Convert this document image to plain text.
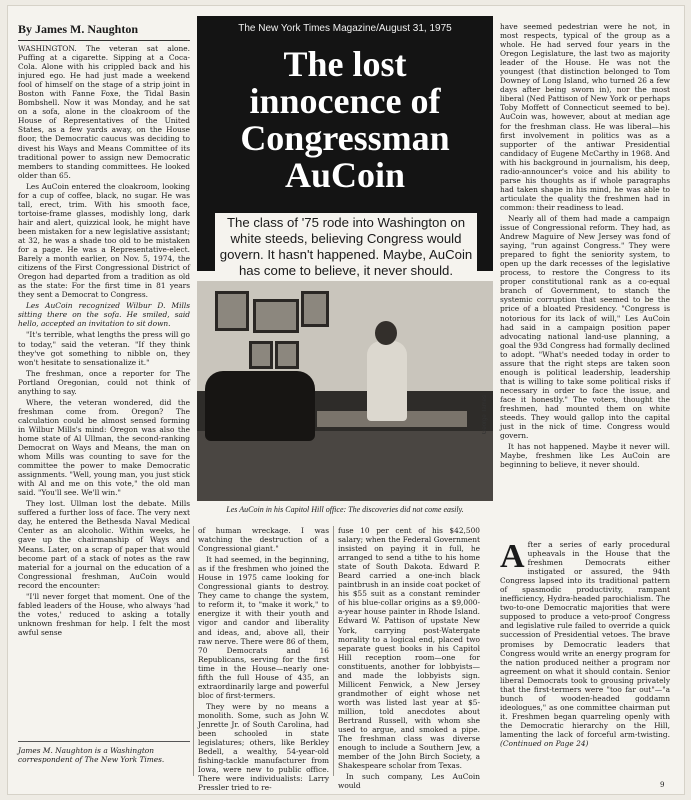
By James M. Naughton

WASHINGTON. The veteran sat alone. Puffing at a cigarette. Sipping at a Coca-Cola. Alone with his crippled back and his injured ego. He had just made a weekend fool of himself on the stage of a strip joint in Boston with Fanne Foxe, the Tidal Basin Bombshell. Now it was Monday, and he sat on a sofa, alone in the cloakroom of the House of Representatives of the United States, as a few yards away, on the House floor, the Democratic caucus was deciding to divest his Ways and Means Committee of its traditional power to assign new Democratic members to standing committees. He looked older than 65.

Les AuCoin entered the cloakroom, looking for a cup of coffee, black, no sugar. He was tall, erect, trim. With his smooth face, tortoise-frame glasses, modishly long, dark hair and alert, quizzical look, he might have been mistaken for a new legislative assistant; at 32, he was a shade too old to be mistaken for a page. He was a Representative-elect. Barely a month earlier, on Nov. 5, 1974, the citizens of the First Congressional District of Oregon had departed from a tradition as old as the state: For the first time in 81 years they sent a Democrat to Congress.

Les AuCoin recognized Wilbur D. Mills sitting there on the sofa. He smiled, said hello, accepted an invitation to sit down.

"It's terrible, what lengths the press will go to today," said the veteran. "If they think they've got something to nibble on, they won't hesitate to sensationalize it."

The freshman, once a reporter for The Portland Oregonian, could not think of anything to say.

Where, the veteran wondered, did the freshman come from. Oregon? The calculation could be almost sensed forming in Wilbur Mills's mind: Oregon was also the home state of Al Ullman, the second-ranking Democrat on Ways and Means, the man on whom Mills was counting to save for the committee the power to make Democratic assignments. "Well, young man, you just stick with Al and me on this vote," the old man said. "You'll see. We'll win."

They lost. Ullman lost the debate. Mills suffered a further loss of face. The very next day, he entered the Bethesda Naval Medical Center as an alcoholic. Within weeks, he gave up the chairmanship of Ways and Means. Later, on a scrap of paper that would become part of a stack of notes as the raw material for a journal on the education of a Congressional freshman, AuCoin would record the encounter:

"I'll never forget that moment. One of the fabled leaders of the House, who always 'had the votes,' reduced to asking a totally unknown freshman for help. I felt the most awful sense

James M. Naughton is a Washington correspondent of The New York Times.
The New York Times Magazine/August 31, 1975
The lost innocence of Congressman AuCoin
The class of '75 rode into Washington on white steeds, believing Congress would govern. It hasn't happened. Maybe, AuCoin has come to believe, it never should.
George Tames
Les AuCoin in his Capitol Hill office: The discoveries did not come easily.

of human wreckage. I was watching the destruction of a Congressional giant."

It had seemed, in the beginning, as if the freshmen who joined the House in 1975 came looking for Congressional giants to destroy. They came to change the system, to reform it, to "make it work," to energize it with their youth and vigor and candor and liberality and ideas, and, above all, their raw nerve. There were 86 of them, 70 Democrats and 16 Republicans, serving for the first time in the House—nearly one-fifth the full House of 435, an extraordinarily large and powerful bloc of first-termers.

They were by no means a monolith. Some, such as John W. Jenrette Jr. of South Carolina, had been schooled in state legislatures; others, like Berkley Bedell, a wealthy, 54-year-old fishing-tackle manufacturer from Iowa, were new to public office. There were individualists: Larry Pressler tried to re-

fuse 10 per cent of his $42,500 salary; when the Federal Government insisted on paying it in full, he arranged to send a tithe to his home state of South Dakota. Edward P. Beard carried a one-inch black paintbrush in an inside coat pocket of his $55 suit as a constant reminder of his blue-collar origins as a $9,000-a-year house painter in Rhode Island. Edward W. Pattison of upstate New York, carrying post-Watergate morality to a logical end, placed two separate guest books in his Capitol Hill reception room—one for constituents, another for lobbyists—and made the lobbyists sign. Millicent Fenwick, a New Jersey grandmother of eight whose net worth was listed last year at $5-million, told anecdotes about Bertrand Russell, with whom she used to argue, and smoked a pipe. The freshman class was diverse enough to include a Southern Jew, a member of the John Birch Society, a Shakespeare scholar from Texas.

In such company, Les AuCoin would

have seemed pedestrian were he not, in most respects, typical of the group as a whole. He had served four years in the Oregon Legislature, the last two as majority leader of the House. He was not the youngest (that distinction belonged to Tom Downey of Long Island, who turned 26 a few days after being sworn in), nor the most liberal (Ned Pattison of New York or perhaps Toby Moffett of Connecticut seemed to be). AuCoin was, however, about at median age for the freshman class. He was liberal—his first involvement in politics was as a supporter of the antiwar Presidential candidacy of Eugene McCarthy in 1968. And with his background in journalism, his deep, radio-announcer's voice and his ability to parse his thoughts as if whole paragraphs had taken shape in his mind, he was able to articulate the quality the freshmen had in common: their readiness to lead.

Nearly all of them had made a campaign issue of Congressional reform. They had, as Andrew Maguire of New Jersey was fond of saying, "run against Congress." They were prepared to fight the seniority system, to open up the dark recesses of the legislative process, to restore the Congress to its proper constitutional rank as a co-equal branch of Government, to stanch the systemic corruption that seemed to be the price of a bloated Presidency. "Congress is notorious for its lack of will," Les AuCoin had said in a campaign position paper advocating national land-use planning, a goal the 93d Congress had formally declined to adopt. "What's needed today in order to assure that the right steps are taken soon enough is political leadership, leadership that is willing to take some political risks if necessary in order to face the issue, and face it honestly." The voters, thought the freshmen, had mounted them on white steeds. They would gallop into the capital just in the nick of time. Congress would govern.

It has not happened. Maybe it never will. Maybe, freshmen like Les AuCoin are beginning to believe, it never should.

After a series of early procedural upheavals in the House that the freshmen Democrats either instigated or assured, the 94th Congress lapsed into its traditional pattern of spasmodic productivity, rampant inefficiency, Hydra-headed parochialism. The two-to-one Democratic majorities that were supposed to produce a veto-proof Congress and legislative rule failed to override a quick succession of Presidential vetoes. The brave promises by Democratic leaders that Congress would write an energy program for the nation produced neither a program nor agreement on what it should contain. Senior liberal Democrats took to grousing privately that the first-termers were "too far out"—"a bunch of wooden-headed goddamn ideologues," as one committee chairman put it. Freshmen began quarreling openly with the Democratic hierarchy on the Hill, lamenting the lack of forceful arm-twisting. (Continued on Page 24)
9
